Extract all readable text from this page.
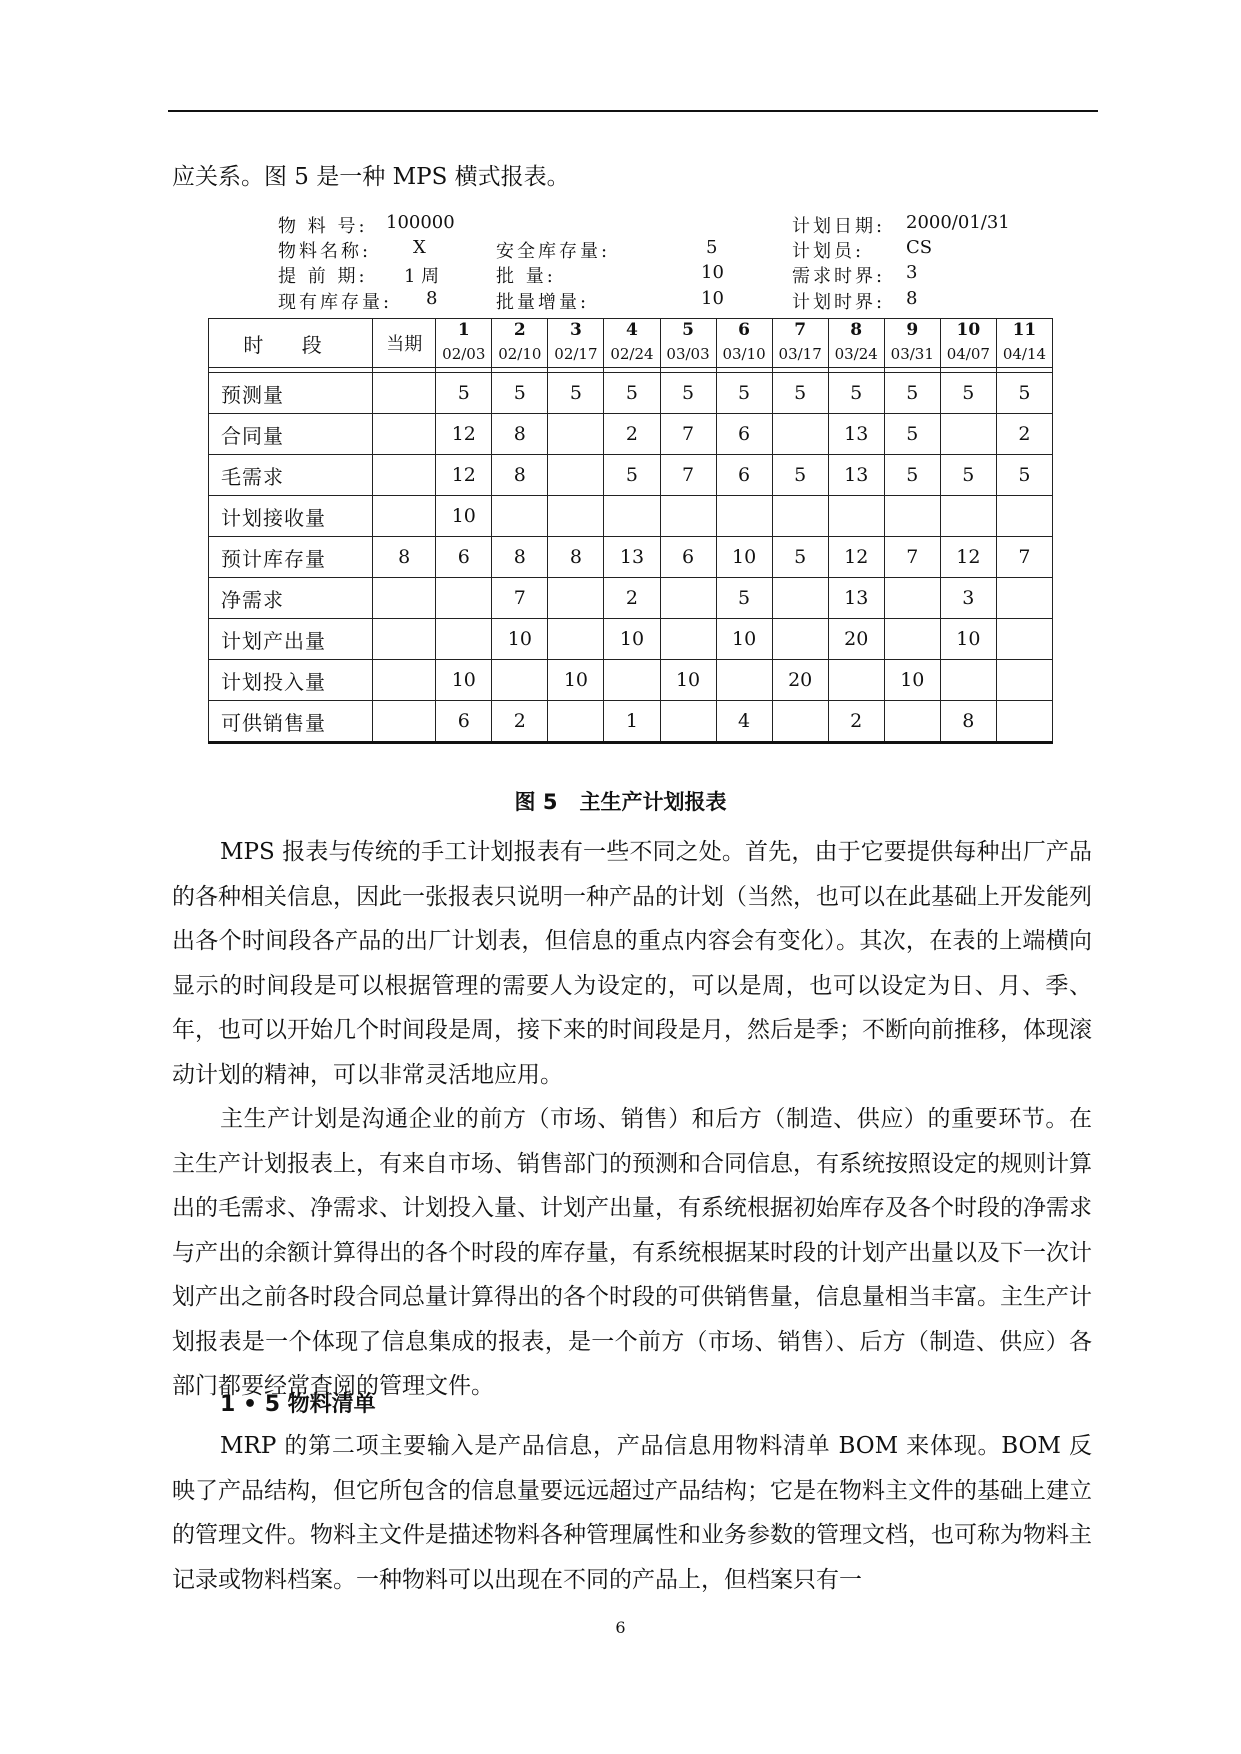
应关系。图 5 是一种 MPS 横式报表。

物 料 号: 100000
物料名称: X
提 前 期: 1 周
现有库存量: 8
安全库存量:	5
批 量:	10
批量增量:	10
计划日期: 2000/01/31
计划员: CS
需求时界: 3
计划时界: 8
时 段	当期	1	2	3	4	5	6	7	8	9	10	11
		02/03	02/10	02/17	02/24	03/03	03/10	03/17	03/24	03/31	04/07	04/14

预测量		5	5	5	5	5	5	5	5	5	5	5
合同量		12	8		2	7	6		13	5		2
毛需求		12	8		5	7	6	5	13	5	5	5
计划接收量		10										
预计库存量	8	6	8	8	13	6	10	5	12	7	12	7
净需求			7		2		5		13		3	
计划产出量			10		10		10		20		10	
计划投入量		10		10		10		20		10		
可供销售量		6	2		1		4		2		8	
图 5 主生产计划报表

MPS 报表与传统的手工计划报表有一些不同之处。首先，由于它要提供每种出厂产品的各种相关信息，因此一张报表只说明一种产品的计划（当然，也可以在此基础上开发能列出各个时间段各产品的出厂计划表，但信息的重点内容会有变化）。其次，在表的上端横向显示的时间段是可以根据管理的需要人为设定的，可以是周，也可以设定为日、月、季、年，也可以开始几个时间段是周，接下来的时间段是月，然后是季；不断向前推移，体现滚动计划的精神，可以非常灵活地应用。

主生产计划是沟通企业的前方（市场、销售）和后方（制造、供应）的重要环节。在主生产计划报表上，有来自市场、销售部门的预测和合同信息，有系统按照设定的规则计算出的毛需求、净需求、计划投入量、计划产出量，有系统根据初始库存及各个时段的净需求与产出的余额计算得出的各个时段的库存量，有系统根据某时段的计划产出量以及下一次计划产出之前各时段合同总量计算得出的各个时段的可供销售量，信息量相当丰富。主生产计划报表是一个体现了信息集成的报表，是一个前方（市场、销售）、后方（制造、供应）各部门都要经常查阅的管理文件。

1 • 5 物料清单

MRP 的第二项主要输入是产品信息，产品信息用物料清单 BOM 来体现。BOM 反映了产品结构，但它所包含的信息量要远远超过产品结构；它是在物料主文件的基础上建立的管理文件。物料主文件是描述物料各种管理属性和业务参数的管理文档，也可称为物料主记录或物料档案。一种物料可以出现在不同的产品上，但档案只有一

6
